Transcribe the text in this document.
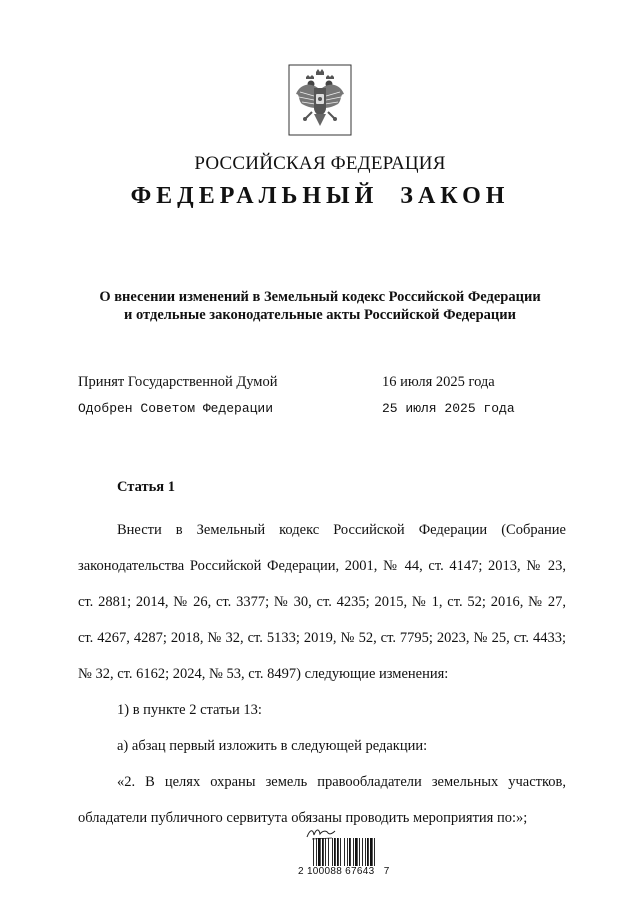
РОССИЙСКАЯ ФЕДЕРАЦИЯ
ФЕДЕРАЛЬНЫЙ  ЗАКОН
О внесении изменений в Земельный кодекс Российской Федерации
и отдельные законодательные акты Российской Федерации
Принят Государственной Думой	16 июля 2025 года
Одобрен Советом Федерации	25 июля 2025 года
Статья 1

Внести в Земельный кодекс Российской Федерации (Собрание

законодательства Российской Федерации, 2001, № 44, ст. 4147; 2013, № 23,

ст. 2881; 2014, № 26, ст. 3377; № 30, ст. 4235; 2015, № 1, ст. 52; 2016, № 27,

ст. 4267, 4287; 2018, № 32, ст. 5133; 2019, № 52, ст. 7795; 2023, № 25, ст. 4433;

№ 32, ст. 6162; 2024, № 53, ст. 8497) следующие изменения:

1) в пункте 2 статьи 13:

а) абзац первый изложить в следующей редакции:

«2. В целях охраны земель правообладатели земельных участков,

обладатели публичного сервитута обязаны проводить мероприятия по:»;

2 100088 67643   7
